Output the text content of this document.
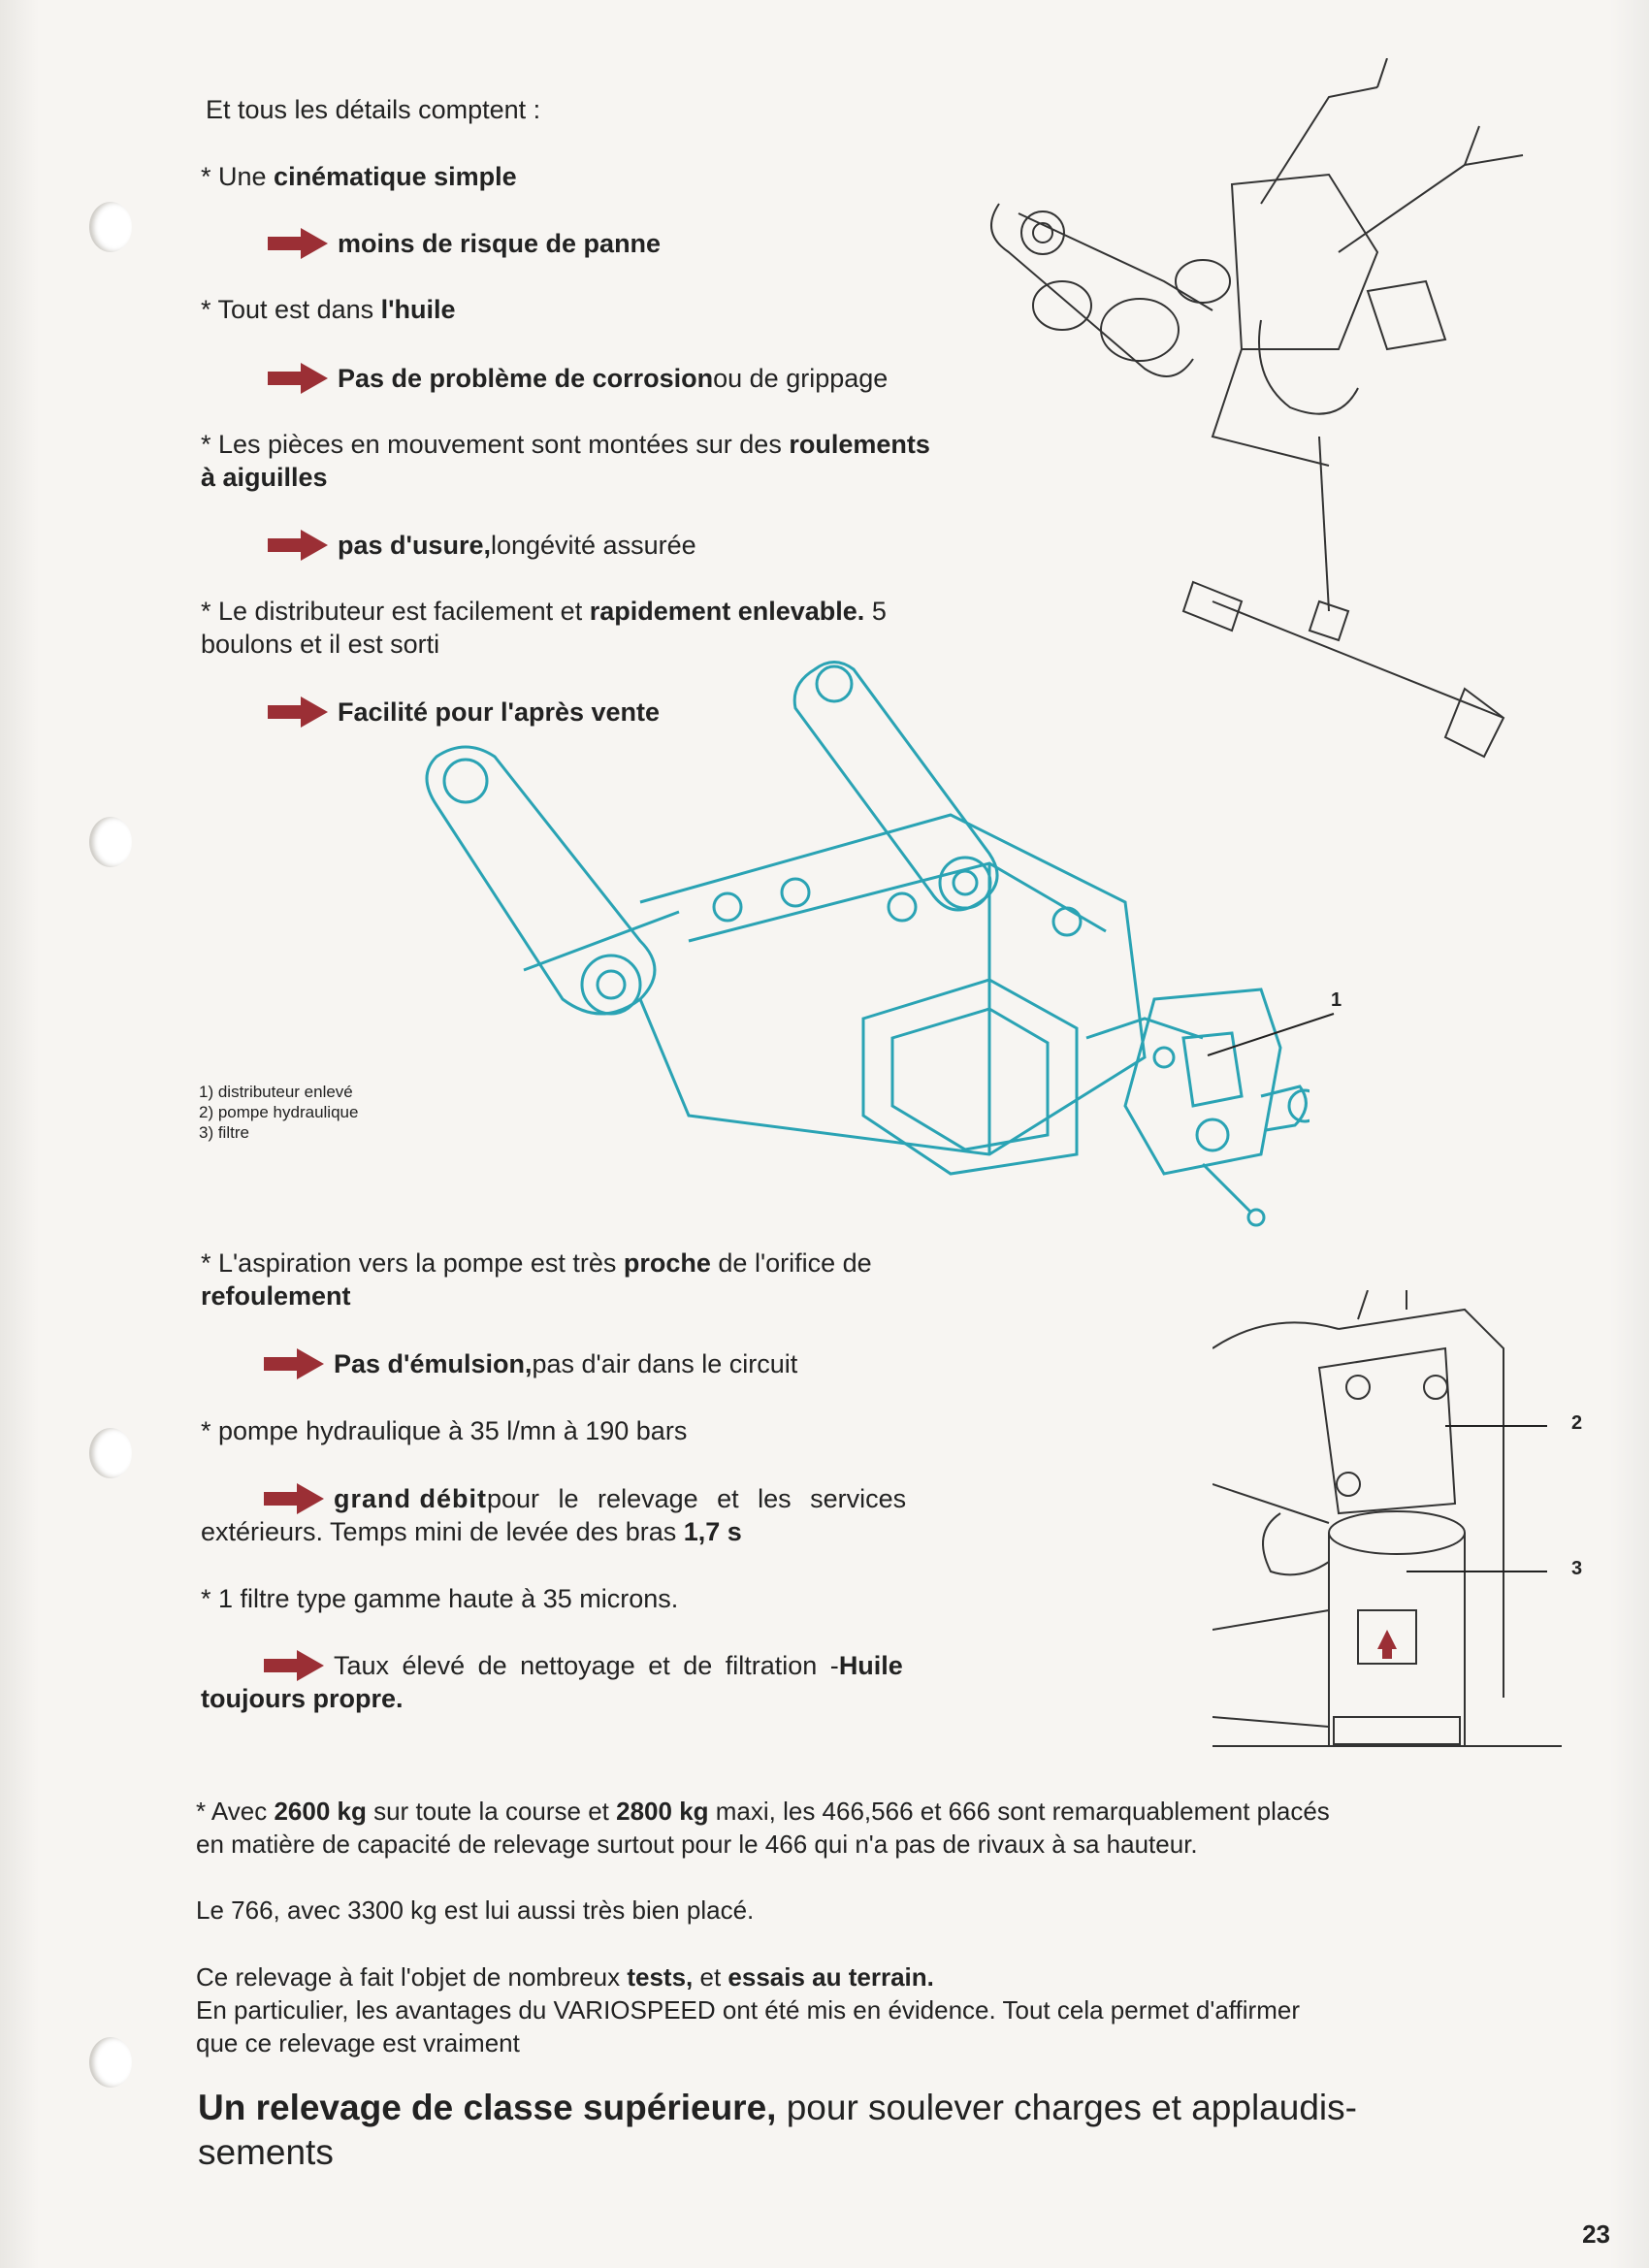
Et tous les détails comptent :
* Une cinématique simple
moins de risque de panne
* Tout est dans l'huile
Pas de problème de corrosion ou de grippage
* Les pièces en mouvement sont montées sur des roulements
à aiguilles
pas d'usure, longévité assurée
* Le distributeur est facilement et rapidement enlevable. 5
boulons et il est sorti
Facilité pour l'après vente
1
1) distributeur enlevé
2) pompe hydraulique
3) filtre
* L'aspiration vers la pompe est très proche de l'orifice de
refoulement
Pas d'émulsion, pas d'air dans le circuit
* pompe hydraulique à 35 l/mn à 190 bars
grand débit pour le relevage et les services
extérieurs. Temps mini de levée des bras 1,7 s
* 1 filtre type gamme haute à 35 microns.
Taux élevé de nettoyage et de filtration - Huile
toujours propre.
2
3
* Avec 2600 kg sur toute la course et 2800 kg maxi, les 466,566 et 666 sont remarquablement placés
en matière de capacité de relevage surtout pour le 466 qui n'a pas de rivaux à sa hauteur.
Le 766, avec 3300 kg est lui aussi très bien placé.
Ce relevage à fait l'objet de nombreux tests, et essais au terrain.
En particulier, les avantages du VARIOSPEED ont été mis en évidence. Tout cela permet d'affirmer
que ce relevage est vraiment
Un relevage de classe supérieure, pour soulever charges et applaudis-
sements
23
